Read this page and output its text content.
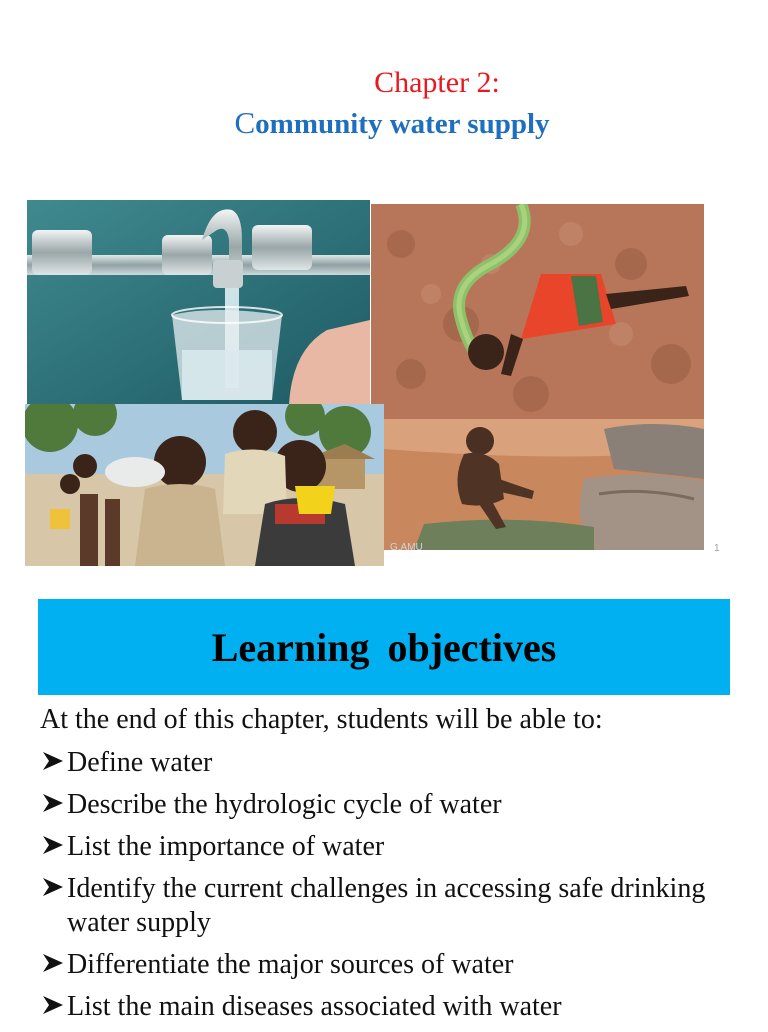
Chapter 2:
Community water supply
G.AMU	1
Learning objectives
At the end of this chapter, students will be able to:
Define water
Describe the hydrologic cycle of water
List the importance of water
Identify the current challenges in accessing safe drinking water supply
Differentiate the major sources of water
List the main diseases associated with water
